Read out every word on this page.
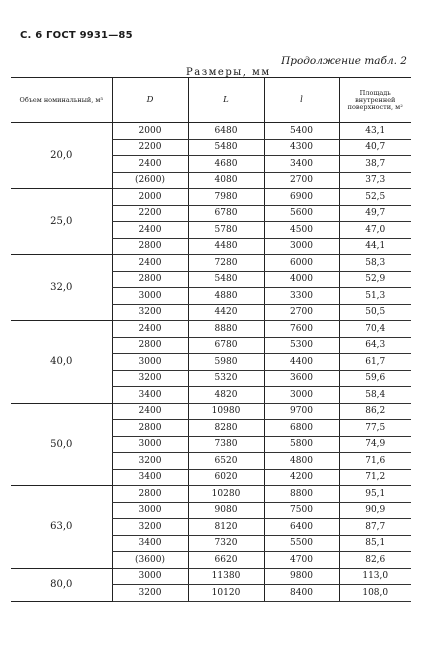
С. 6 ГОСТ 9931—85
Продолжение табл. 2
Размеры, мм
Объем номинальный, м³	D	L	l	Площадь внутренней поверхности, м²
20,0	2000	6480	5400	43,1
	2200	5480	4300	40,7
	2400	4680	3400	38,7
	(2600)	4080	2700	37,3
25,0	2000	7980	6900	52,5
	2200	6780	5600	49,7
	2400	5780	4500	47,0
	2800	4480	3000	44,1
32,0	2400	7280	6000	58,3
	2800	5480	4000	52,9
	3000	4880	3300	51,3
	3200	4420	2700	50,5
40,0	2400	8880	7600	70,4
	2800	6780	5300	64,3
	3000	5980	4400	61,7
	3200	5320	3600	59,6
	3400	4820	3000	58,4
50,0	2400	10980	9700	86,2
	2800	8280	6800	77,5
	3000	7380	5800	74,9
	3200	6520	4800	71,6
	3400	6020	4200	71,2
63,0	2800	10280	8800	95,1
	3000	9080	7500	90,9
	3200	8120	6400	87,7
	3400	7320	5500	85,1
	(3600)	6620	4700	82,6
80,0	3000	11380	9800	113,0
	3200	10120	8400	108,0
